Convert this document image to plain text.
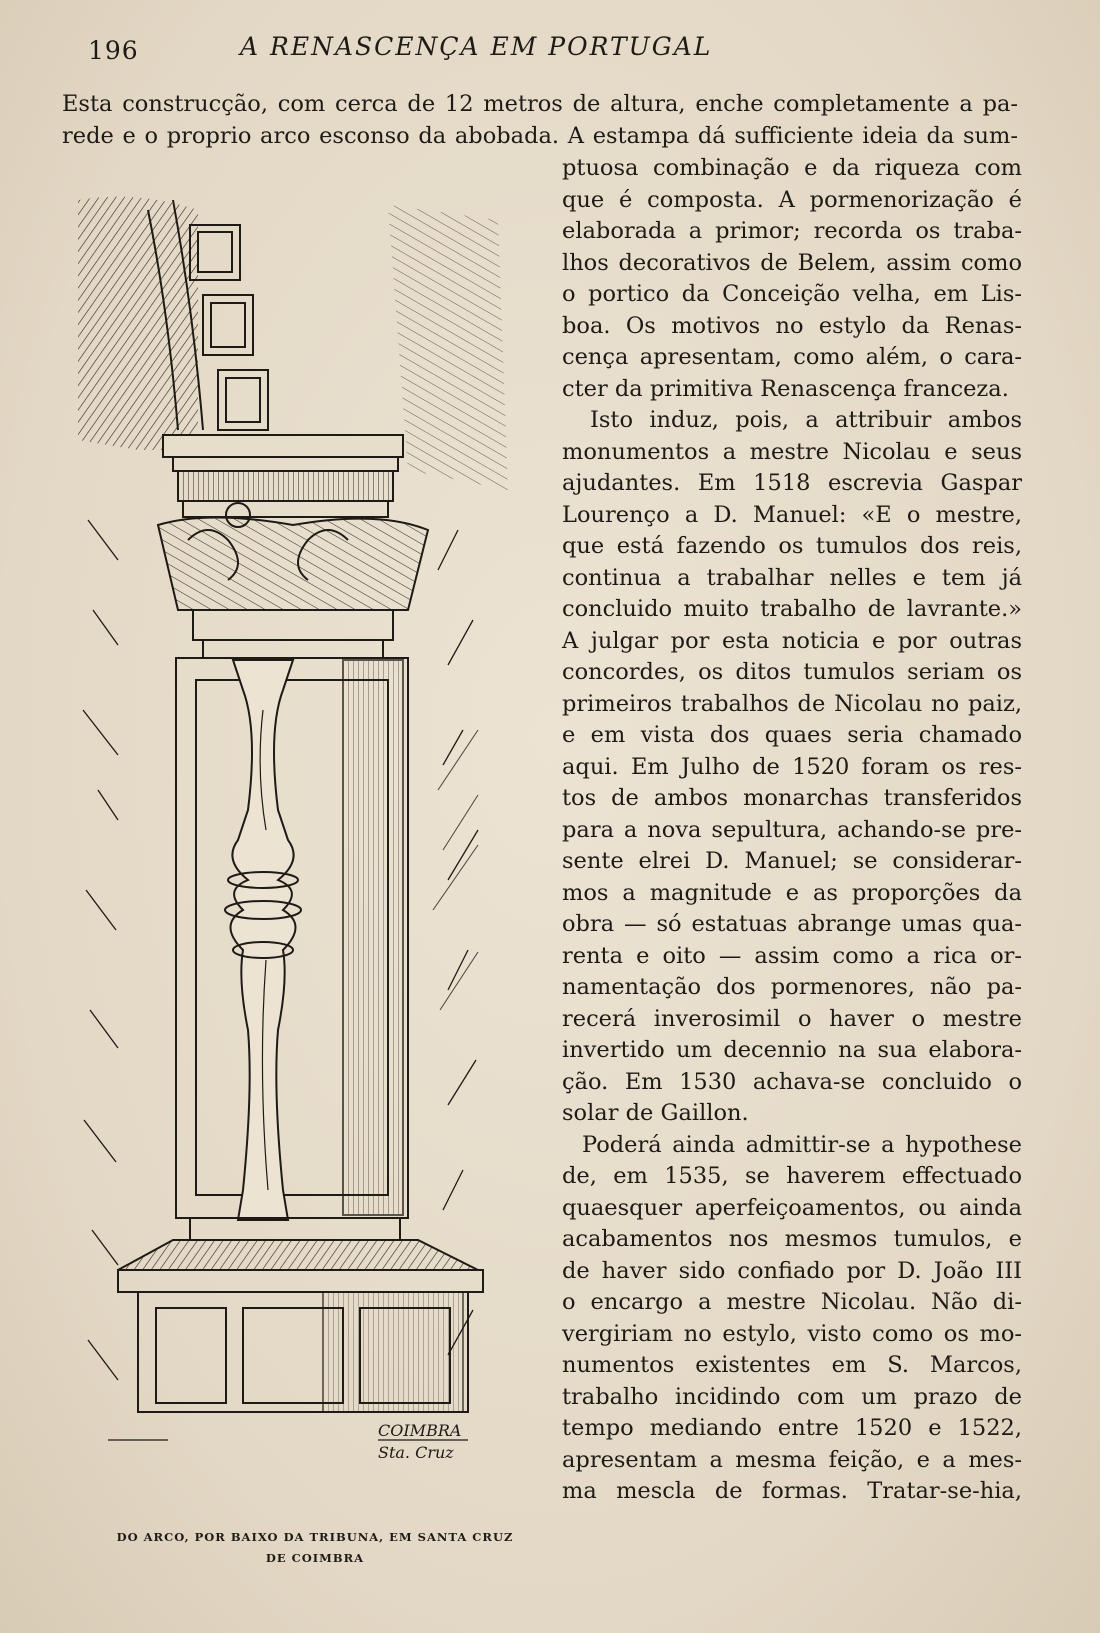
196	A RENASCENÇA EM PORTUGAL
Esta construcção, com cerca de 12 metros de altura, enche completamente a pa-
rede e o proprio arco esconso da abobada. A estampa dá sufficiente ideia da sum-
ptuosa combinação e da riqueza com
que é composta. A pormenorização é
elaborada a primor; recorda os traba-
lhos decorativos de Belem, assim como
o portico da Conceição velha, em Lis-
boa. Os motivos no estylo da Renas-
cença apresentam, como além, o cara-
cter da primitiva Renascença franceza.
Isto induz, pois, a attribuir ambos
monumentos a mestre Nicolau e seus
ajudantes. Em 1518 escrevia Gaspar
Lourenço a D. Manuel: «E o mestre,
que está fazendo os tumulos dos reis,
continua a trabalhar nelles e tem já
concluido muito trabalho de lavrante.»
A julgar por esta noticia e por outras
concordes, os ditos tumulos seriam os
primeiros trabalhos de Nicolau no paiz,
e em vista dos quaes seria chamado
aqui. Em Julho de 1520 foram os res-
tos de ambos monarchas transferidos
para a nova sepultura, achando-se pre-
sente elrei D. Manuel; se considerar-
mos a magnitude e as proporções da
obra — só estatuas abrange umas qua-
renta e oito — assim como a rica or-
namentação dos pormenores, não pa-
recerá inverosimil o haver o mestre
invertido um decennio na sua elabora-
ção. Em 1530 achava-se concluido o
solar de Gaillon.
Poderá ainda admittir-se a hypothese
de, em 1535, se haverem effectuado
quaesquer aperfeiçoamentos, ou ainda
acabamentos nos mesmos tumulos, e
de haver sido confiado por D. João III
o encargo a mestre Nicolau. Não di-
vergiriam no estylo, visto como os mo-
numentos existentes em S. Marcos,
trabalho incidindo com um prazo de
tempo mediando entre 1520 e 1522,
apresentam a mesma feição, e a mes-
ma mescla de formas. Tratar-se-hia,
COIMBRA
Sta. Cruz
DO ARCO, POR BAIXO DA TRIBUNA, EM SANTA CRUZ
DE COIMBRA
